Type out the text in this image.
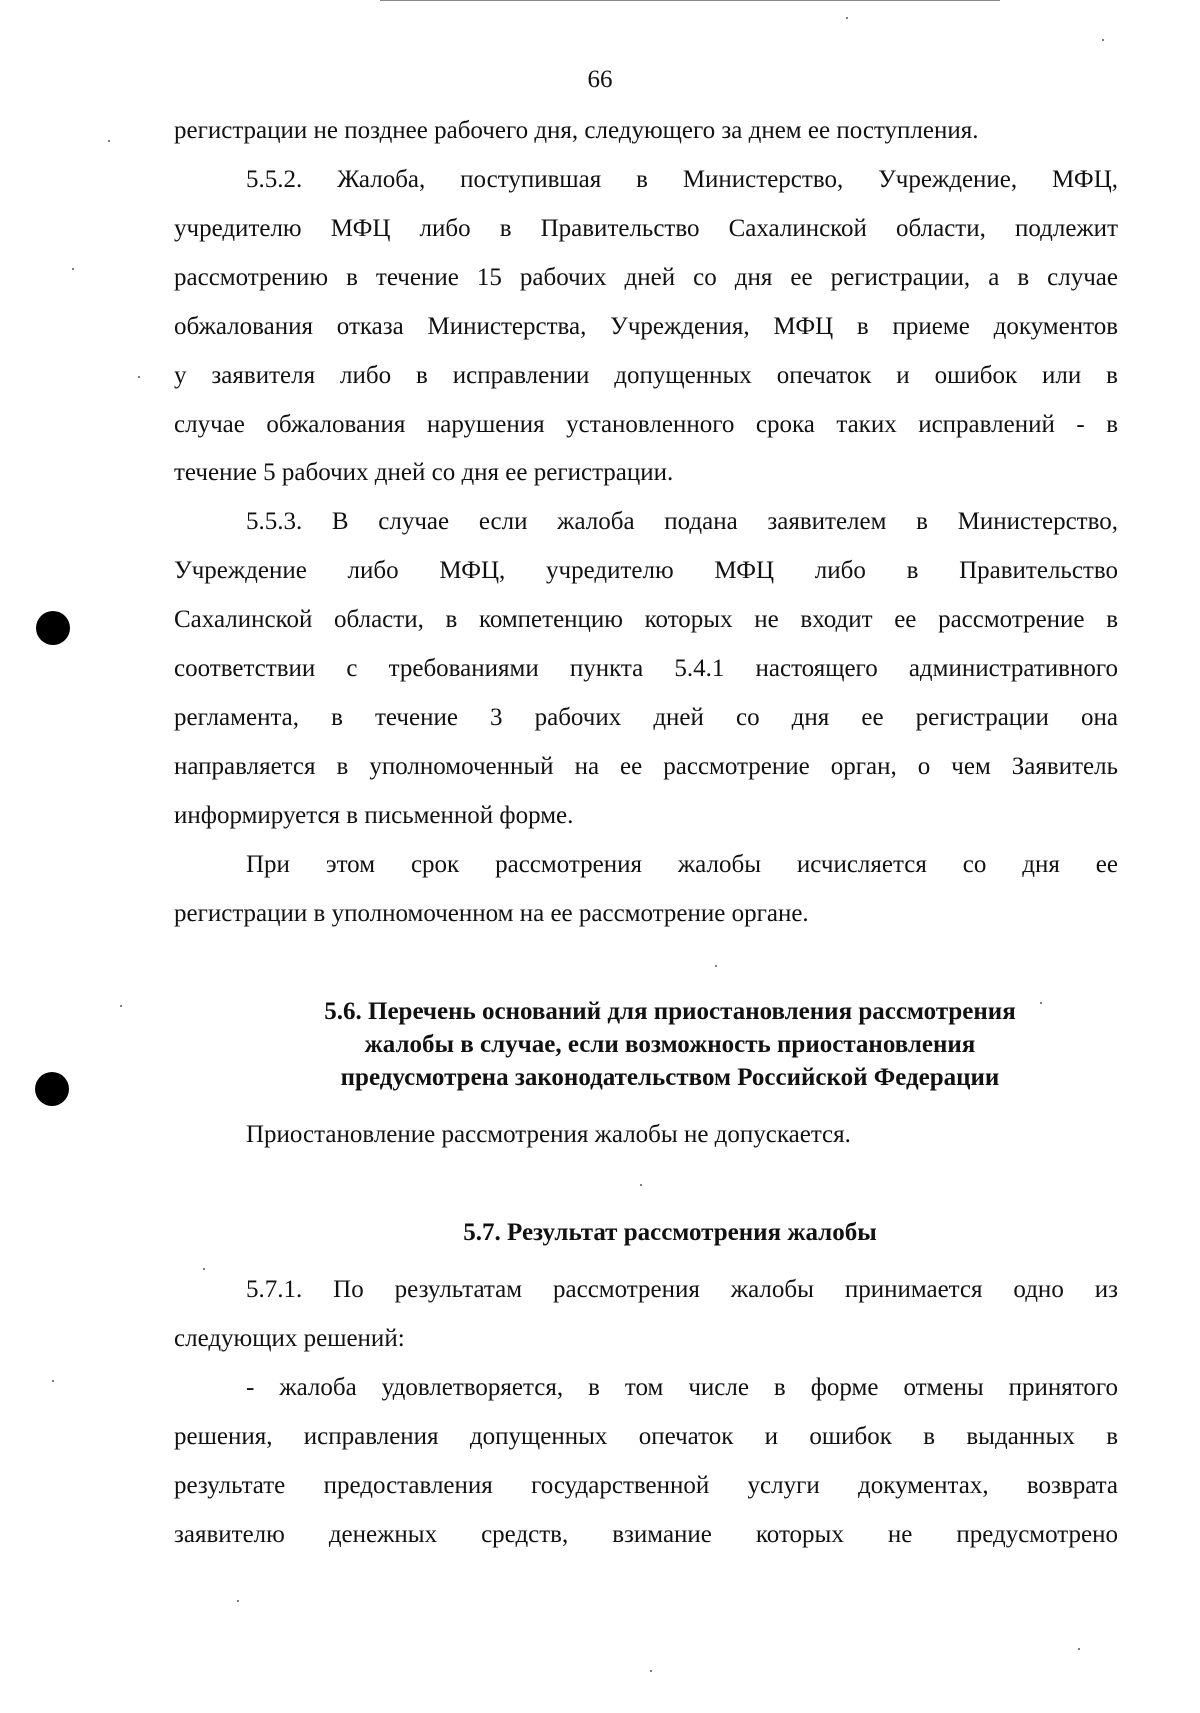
66
регистрации не позднее рабочего дня, следующего за днем ее поступления.
5.5.2. Жалоба, поступившая в Министерство, Учреждение, МФЦ,
учредителю МФЦ либо в Правительство Сахалинской области, подлежит
рассмотрению в течение 15 рабочих дней со дня ее регистрации, а в случае
обжалования отказа Министерства, Учреждения, МФЦ в приеме документов
у заявителя либо в исправлении допущенных опечаток и ошибок или в
случае обжалования нарушения установленного срока таких исправлений - в
течение 5 рабочих дней со дня ее регистрации.
5.5.3. В случае если жалоба подана заявителем в Министерство,
Учреждение либо МФЦ, учредителю МФЦ либо в Правительство
Сахалинской области, в компетенцию которых не входит ее рассмотрение в
соответствии с требованиями пункта 5.4.1 настоящего административного
регламента, в течение 3 рабочих дней со дня ее регистрации она
направляется в уполномоченный на ее рассмотрение орган, о чем Заявитель
информируется в письменной форме.
При этом срок рассмотрения жалобы исчисляется со дня ее
регистрации в уполномоченном на ее рассмотрение органе.
5.6. Перечень оснований для приостановления рассмотрения
жалобы в случае, если возможность приостановления
предусмотрена законодательством Российской Федерации
Приостановление рассмотрения жалобы не допускается.
5.7. Результат рассмотрения жалобы
5.7.1. По результатам рассмотрения жалобы принимается одно из
следующих решений:
- жалоба удовлетворяется, в том числе в форме отмены принятого
решения, исправления допущенных опечаток и ошибок в выданных в
результате предоставления государственной услуги документах, возврата
заявителю денежных средств, взимание которых не предусмотрено
